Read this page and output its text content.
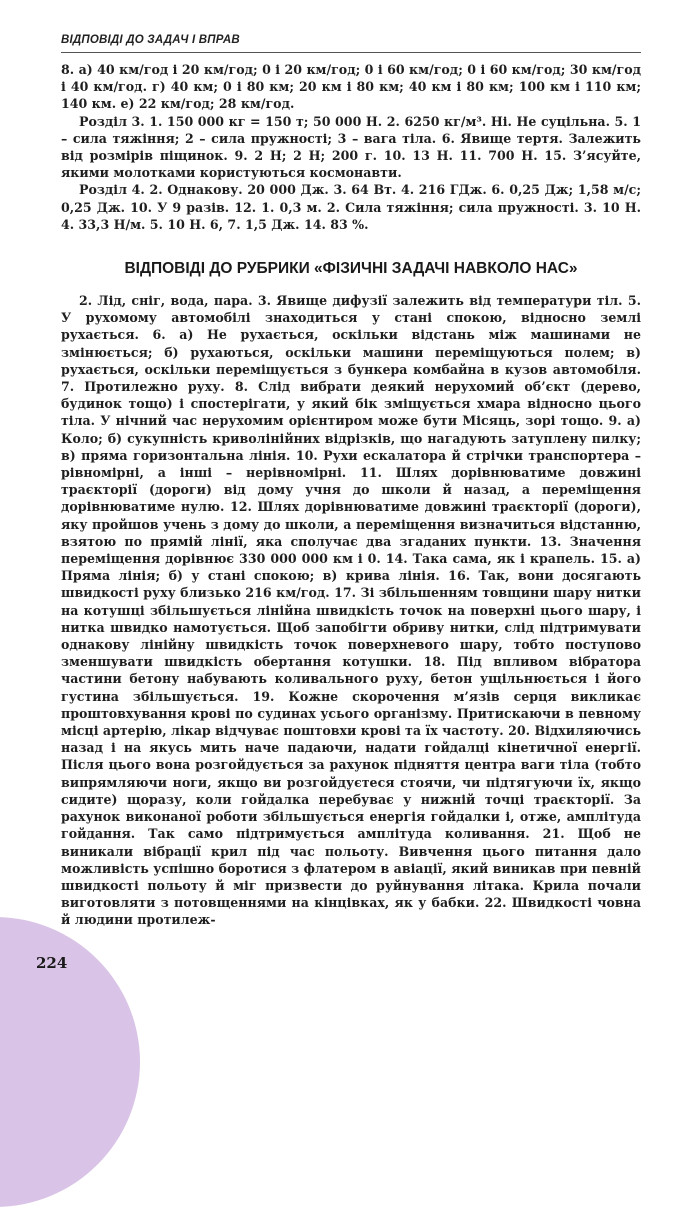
ВІДПОВІДІ ДО ЗАДАЧ І ВПРАВ

8. а) 40 км/год і 20 км/год; 0 і 20 км/год; 0 і 60 км/год; 0 і 60 км/год; 30 км/год і 40 км/год. г) 40 км; 0 і 80 км; 20 км і 80 км; 40 км і 80 км; 100 км і 110 км; 140 км. е) 22 км/год; 28 км/год.

Розділ 3. 1. 150 000 кг = 150 т; 50 000 Н. 2. 6250 кг/м³. Ні. Не суцільна. 5. 1 – сила тяжіння; 2 – сила пружності; 3 – вага тіла. 6. Явище тертя. Залежить від розмірів піщинок. 9. 2 Н; 2 Н; 200 г. 10. 13 Н. 11. 700 Н. 15. З’ясуйте, якими молотками користуються космонавти.

Розділ 4. 2. Однакову. 20 000 Дж. 3. 64 Вт. 4. 216 ГДж. 6. 0,25 Дж; 1,58 м/с; 0,25 Дж. 10. У 9 разів. 12. 1. 0,3 м. 2. Сила тяжіння; сила пружності. 3. 10 Н. 4. 33,3 Н/м. 5. 10 Н. 6, 7. 1,5 Дж. 14. 83 %.

ВІДПОВІДІ ДО РУБРИКИ «ФІЗИЧНІ ЗАДАЧІ НАВКОЛО НАС»

2. Лід, сніг, вода, пара. 3. Явище дифузії залежить від температури тіл. 5. У рухомому автомобілі знаходиться у стані спокою, відносно землі рухається. 6. а) Не рухається, оскільки відстань між машинами не змінюється; б) рухаються, оскільки машини переміщуються полем; в) рухається, оскільки переміщується з бункера комбайна в кузов автомобіля. 7. Протилежно руху. 8. Слід вибрати деякий нерухомий об’єкт (дерево, будинок тощо) і спостерігати, у який бік зміщується хмара відносно цього тіла. У нічний час нерухомим орієнтиром може бути Місяць, зорі тощо. 9. а) Коло; б) сукупність криволінійних відрізків, що нагадують затуплену пилку; в) пряма горизонтальна лінія. 10. Рухи ескалатора й стрічки транспортера – рівномірні, а інші – нерівномірні. 11. Шлях дорівнюватиме довжині траєкторії (дороги) від дому учня до школи й назад, а переміщення дорівнюватиме нулю. 12. Шлях дорівнюватиме довжині траєкторії (дороги), яку пройшов учень з дому до школи, а переміщення визначиться відстанню, взятою по прямій лінії, яка сполучає два згаданих пункти. 13. Значення переміщення дорівнює 330 000 000 км і 0. 14. Така сама, як і крапель. 15. а) Пряма лінія; б) у стані спокою; в) крива лінія. 16. Так, вони досягають швидкості руху близько 216 км/год. 17. Зі збільшенням товщини шару нитки на котушці збільшується лінійна швидкість точок на поверхні цього шару, і нитка швидко намотується. Щоб запобігти обриву нитки, слід підтримувати однакову лінійну швидкість точок поверхневого шару, тобто поступово зменшувати швидкість обертання котушки. 18. Під впливом вібратора частини бетону набувають коливального руху, бетон ущільнюється і його густина збільшується. 19. Кожне скорочення м’язів серця викликає проштовхування крові по судинах усього організму. Притискаючи в певному місці артерію, лікар відчуває поштовхи крові та їх частоту. 20. Відхиляючись назад і на якусь мить наче падаючи, надати гойдалці кінетичної енергії. Після цього вона розгойдується за рахунок підняття центра ваги тіла (тобто випрямляючи ноги, якщо ви розгойдуєтеся стоячи, чи підтягуючи їх, якщо сидите) щоразу, коли гойдалка перебуває у нижній точці траєкторії. За рахунок виконаної роботи збільшується енергія гойдалки і, отже, амплітуда гойдання. Так само підтримується амплітуда коливання. 21. Щоб не виникали вібрації крил під час польоту. Вивчення цього питання дало можливість успішно боротися з флатером в авіації, який виникав при певній швидкості польоту й міг призвести до руйнування літака. Крила почали виготовляти з потовщеннями на кінцівках, як у бабки. 22. Швидкості човна й людини протилеж-

224
